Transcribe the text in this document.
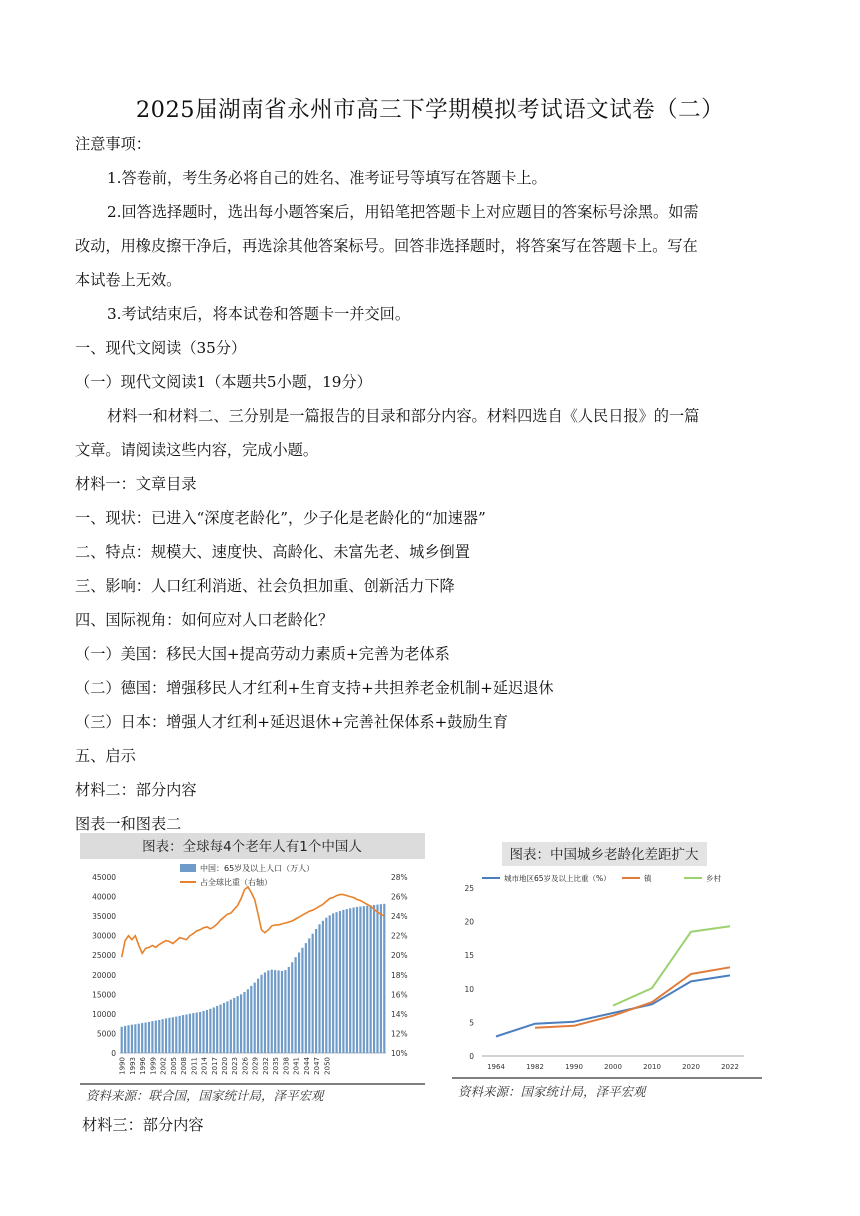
2025届湖南省永州市高三下学期模拟考试语文试卷（二）
注意事项：
1.答卷前，考生务必将自己的姓名、准考证号等填写在答题卡上。
2.回答选择题时，选出每小题答案后，用铅笔把答题卡上对应题目的答案标号涂黑。如需
改动，用橡皮擦干净后，再选涂其他答案标号。回答非选择题时，将答案写在答题卡上。写在
本试卷上无效。
3.考试结束后，将本试卷和答题卡一并交回。
一、现代文阅读（35分）
（一）现代文阅读1（本题共5小题，19分）
材料一和材料二、三分别是一篇报告的目录和部分内容。材料四选自《人民日报》的一篇
文章。请阅读这些内容，完成小题。
材料一：文章目录
一、现状：已进入“深度老龄化”，少子化是老龄化的“加速器”
二、特点：规模大、速度快、高龄化、未富先老、城乡倒置
三、影响：人口红利消逝、社会负担加重、创新活力下降
四、国际视角：如何应对人口老龄化？
（一）美国：移民大国+提高劳动力素质+完善为老体系
（二）德国：增强移民人才红利+生育支持+共担养老金机制+延迟退休
（三）日本：增强人才红利+延迟退休+完善社保体系+鼓励生育
五、启示
材料二：部分内容
图表一和图表二
图表：全球每4个老年人有1个中国人
0
5000
10000
15000
20000
25000
30000
35000
40000
45000
10%
12%
14%
16%
18%
20%
22%
24%
26%
28%
1990 1993 1996 1999 2002 2005 2008 2011 2014 2017 2020 2023 2026 2029 2032 2035 2038 2041 2044 2047 2050
中国：65岁及以上人口（万人）
占全球比重（右轴）
资料来源：联合国，国家统计局，泽平宏观
图表：中国城乡老龄化差距扩大
0
5
10
15
20
25
1964	1982	1990	2000	2010	2020	2022
城市地区65岁及以上比重（%）	镇	乡村
资料来源：国家统计局，泽平宏观
材料三：部分内容
